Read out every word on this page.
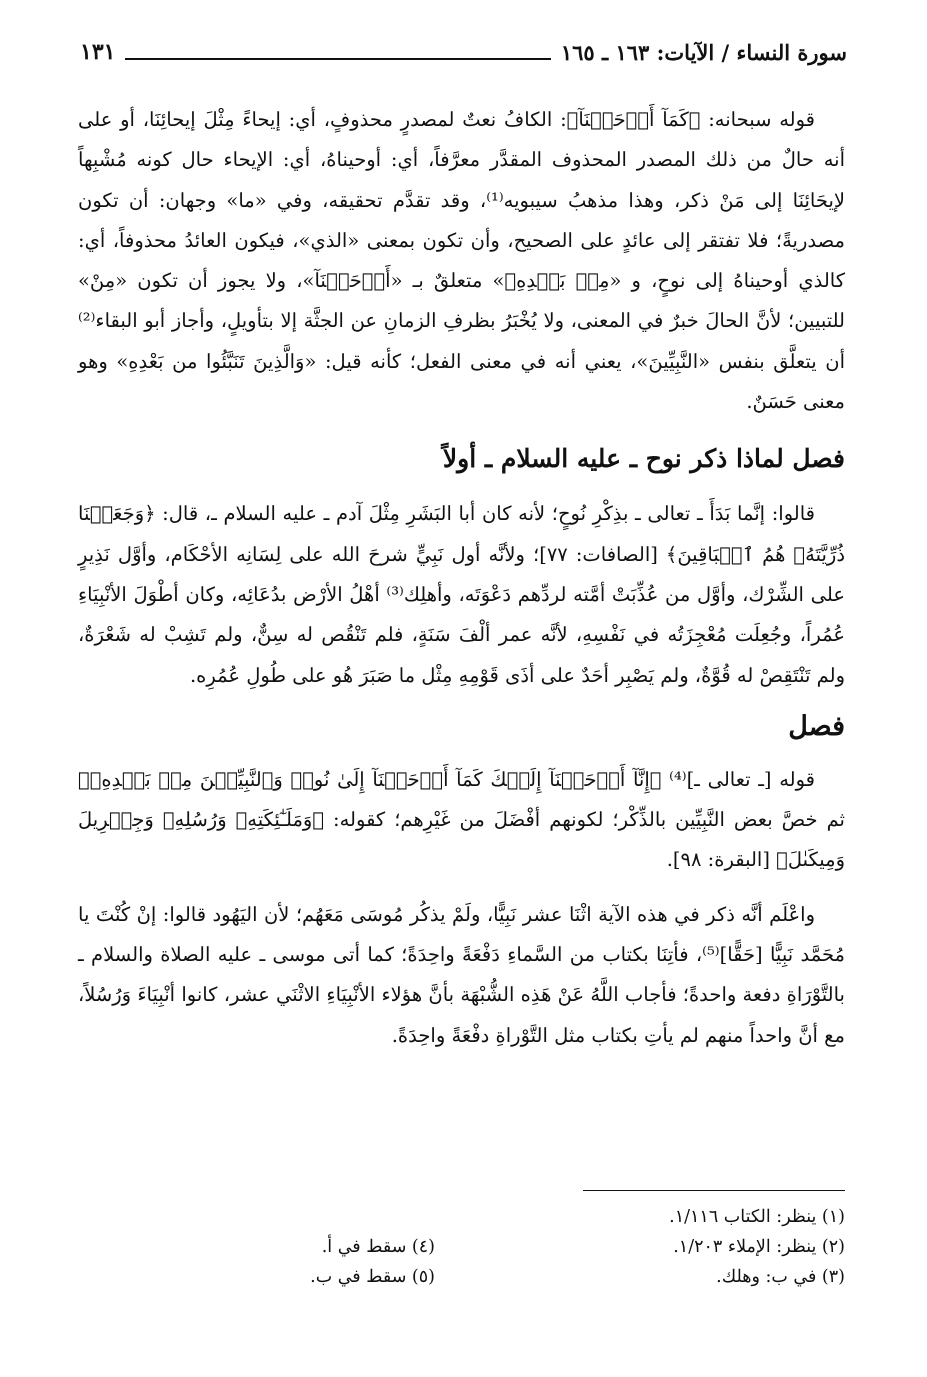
سورة النساء / الآيات: ١٦٣ ـ ١٦٥
١٣١

قوله سبحانه: ﴿كَمَآ أَوۡحَيۡنَآ﴾: الكافُ نعتٌ لمصدرٍ محذوفٍ، أي: إيحاءً مِثْلَ إيحائِنَا، أو على أنه حالٌ من ذلك المصدر المحذوف المقدَّر معرَّفاً، أي: أوحيناهُ، أي: الإيحاء حال كونه مُشْبِهاً لإيحَائِنَا إلى مَنْ ذكر، وهذا مذهبُ سيبويه⁽¹⁾، وقد تقدَّم تحقيقه، وفي «ما» وجهان: أن تكون مصدريةً؛ فلا تفتقر إلى عائدٍ على الصحيح، وأن تكون بمعنى «الذي»، فيكون العائدُ محذوفاً، أي: كالذي أوحيناهُ إلى نوحٍ، و «مِنۢ بَعۡدِهِۦ» متعلقٌ بـ «أَوۡحَيۡنَآ»، ولا يجوز أن تكون «مِنْ» للتبيين؛ لأنَّ الحالَ خبرٌ في المعنى، ولا يُخْبَرُ بظرفِ الزمانِ عن الجثَّة إلا بتأويلٍ، وأجاز أبو البقاء⁽²⁾ أن يتعلَّق بنفس «النَّبِيِّينَ»، يعني أنه في معنى الفعل؛ كأنه قيل: «وَالَّذِينَ تَنَبَّئُوا من بَعْدِهِ» وهو معنى حَسَنٌ.

فصل لماذا ذكر نوح ـ عليه السلام ـ أولاً

قالوا: إنَّما بَدَأَ ـ تعالى ـ بذِكْرِ نُوحٍ؛ لأنه كان أبا البَشَرِ مِثْلَ آدم ـ عليه السلام ـ، قال: ﴿وَجَعَلۡنَا ذُرِّيَّتَهُۥ هُمُ ٱلۡبَاقِينَ﴾ [الصافات: ٧٧]؛ ولأنَّه أول نَبِيٍّ شرحَ الله على لِسَانِه الأحْكَام، وأوَّل نَذِيرٍ على الشِّرْك، وأوَّل من عُذِّبَتْ أمَّته لردِّهم دَعْوَتَه، وأهلِك⁽³⁾ أهْلُ الأرْض بدُعَائِه، وكان أطْوَلَ الأنْبِيَاءِ عُمُراً، وجُعِلَت مُعْجِزَتُه في نَفْسِهِ، لأنَّه عمر ألْفَ سَنَةٍ، فلم تَنْقُص له سِنٌّ، ولم تَشِبْ له شَعْرَةٌ، ولم تَنْتَقِصْ له قُوَّةٌ، ولم يَصْبِر أحَدٌ على أذَى قَوْمِهِ مِثْل ما صَبَرَ هُو على طُولِ عُمُرِه.

فصل

قوله [ـ تعالى ـ]⁽⁴⁾ ﴿إِنَّآ أَوۡحَيۡنَآ إِلَيۡكَ كَمَآ أَوۡحَيۡنَآ إِلَىٰ نُوحٖ وَٱلنَّبِيِّـۧنَ مِنۢ بَعۡدِهِۦ﴾ ثم خصَّ بعض النَّبِيِّين بالذِّكْر؛ لكونهم أفْضَلَ من غَيْرِهم؛ كقوله: ﴿وَمَلَـٰٓئِكَتِهِۦ وَرُسُلِهِۦ وَجِبۡرِيلَ وَمِيكَىٰلَ﴾ [البقرة: ٩٨].

واعْلَم أنَّه ذكر في هذه الآية اثْنَا عشر نَبِيًّا، ولَمْ يذكُر مُوسَى مَعَهُم؛ لأن اليَهُود قالوا: إنْ كُنْتَ يا مُحَمَّد نَبِيًّا [حَقًّا]⁽⁵⁾، فأتِنَا بكتاب من السَّماءِ دَفْعَةً واحِدَةً؛ كما أتى موسى ـ عليه الصلاة والسلام ـ بالتَّوْرَاةِ دفعة واحدةً؛ فأجاب اللَّهُ عَنْ هَذِه الشُّبْهَة بأنَّ هؤلاء الأنْبِيَاءِ الاثْنَي عشر، كانوا أنْبِيَاءَ وَرُسُلاً، مع أنَّ واحداً منهم لم يأتِ بكتاب مثل التَّوْراةِ دفْعَةً واحِدَةً.

(١) ينظر: الكتاب ١/١١٦.
(٢) ينظر: الإملاء ١/٢٠٣.
(٣) في ب: وهلك.
(٤) سقط في أ.
(٥) سقط في ب.
